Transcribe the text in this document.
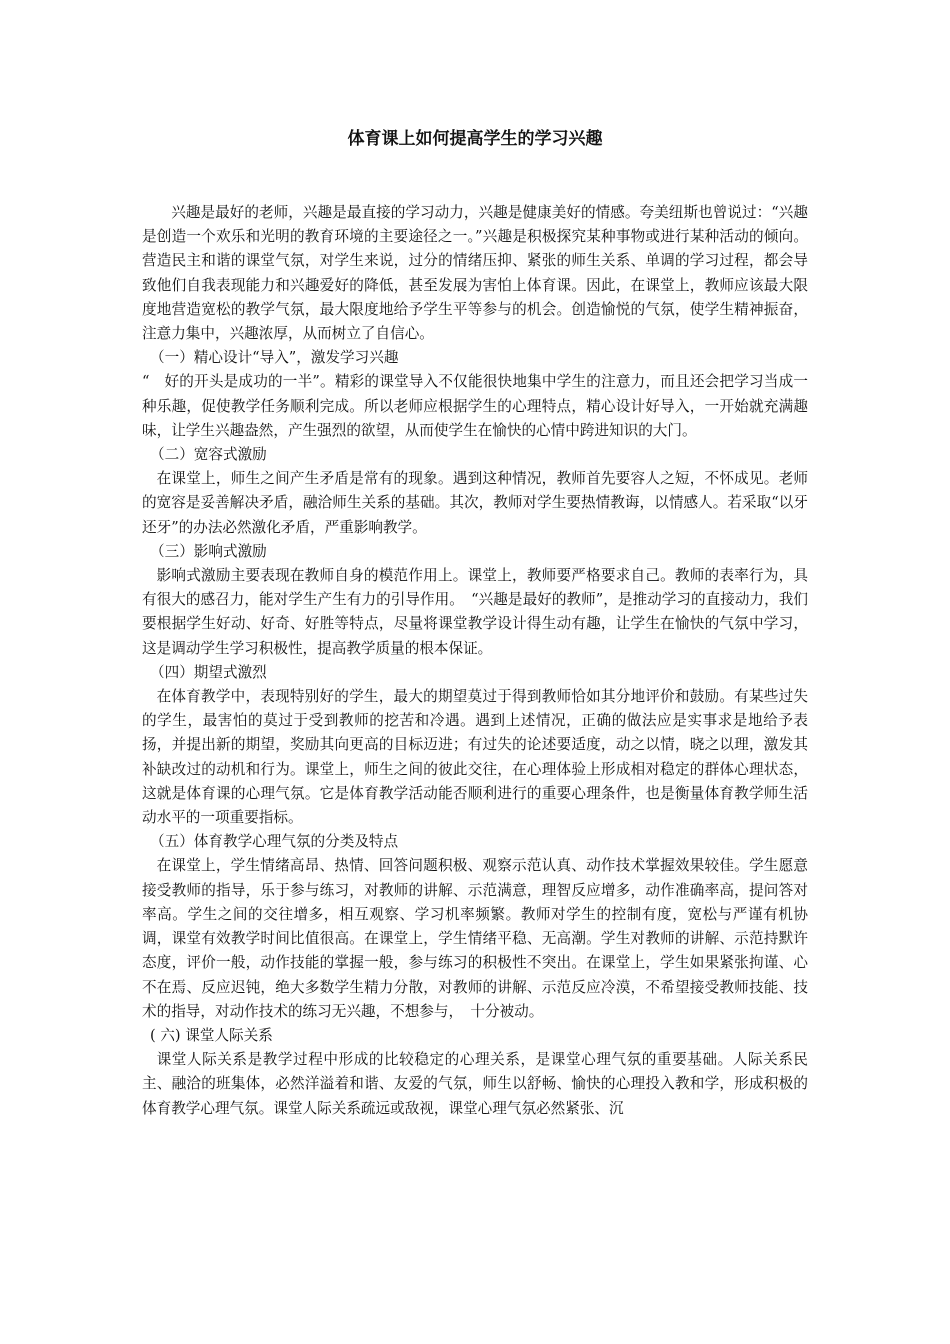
体育课上如何提高学生的学习兴趣

兴趣是最好的老师，兴趣是最直接的学习动力，兴趣是健康美好的情感。夸美纽斯也曾说过：“兴趣是创造一个欢乐和光明的教育环境的主要途径之一。”兴趣是积极探究某种事物或进行某种活动的倾向。营造民主和谐的课堂气氛，对学生来说，过分的情绪压抑、紧张的师生关系、单调的学习过程，都会导致他们自我表现能力和兴趣爱好的降低，甚至发展为害怕上体育课。因此，在课堂上，教师应该最大限度地营造宽松的教学气氛，最大限度地给予学生平等参与的机会。创造愉悦的气氛，使学生精神振奋，注意力集中，兴趣浓厚，从而树立了自信心。

（一）精心设计“导入”，激发学习兴趣

“　好的开头是成功的一半”。精彩的课堂导入不仅能很快地集中学生的注意力，而且还会把学习当成一种乐趣，促使教学任务顺利完成。所以老师应根据学生的心理特点，精心设计好导入，一开始就充满趣味，让学生兴趣盎然，产生强烈的欲望，从而使学生在愉快的心情中跨进知识的大门。

（二）宽容式激励

在课堂上，师生之间产生矛盾是常有的现象。遇到这种情况，教师首先要容人之短，不怀成见。老师的宽容是妥善解决矛盾，融洽师生关系的基础。其次，教师对学生要热情教诲，以情感人。若采取“以牙还牙”的办法必然激化矛盾，严重影响教学。

（三）影响式激励

影响式激励主要表现在教师自身的模范作用上。课堂上，教师要严格要求自己。教师的表率行为，具有很大的感召力，能对学生产生有力的引导作用。　“兴趣是最好的教师”，是推动学习的直接动力，我们要根据学生好动、好奇、好胜等特点，尽量将课堂教学设计得生动有趣，让学生在愉快的气氛中学习，这是调动学生学习积极性，提高教学质量的根本保证。

（四）期望式激烈

在体育教学中，表现特别好的学生，最大的期望莫过于得到教师恰如其分地评价和鼓励。有某些过失的学生，最害怕的莫过于受到教师的挖苦和冷遇。遇到上述情况，正确的做法应是实事求是地给予表扬，并提出新的期望，奖励其向更高的目标迈进；有过失的论述要适度，动之以情，晓之以理，激发其补缺改过的动机和行为。课堂上，师生之间的彼此交往，在心理体验上形成相对稳定的群体心理状态，这就是体育课的心理气氛。它是体育教学活动能否顺利进行的重要心理条件，也是衡量体育教学师生活动水平的一项重要指标。

（五）体育教学心理气氛的分类及特点

在课堂上，学生情绪高昂、热情、回答问题积极、观察示范认真、动作技术掌握效果较佳。学生愿意接受教师的指导，乐于参与练习，对教师的讲解、示范满意，理智反应增多，动作准确率高，提问答对率高。学生之间的交往增多，相互观察、学习机率频繁。教师对学生的控制有度，宽松与严谨有机协调，课堂有效教学时间比值很高。在课堂上，学生情绪平稳、无高潮。学生对教师的讲解、示范持默许态度，评价一般，动作技能的掌握一般，参与练习的积极性不突出。在课堂上，学生如果紧张拘谨、心不在焉、反应迟钝，绝大多数学生精力分散，对教师的讲解、示范反应冷漠，不希望接受教师技能、技术的指导，对动作技术的练习无兴趣，不想参与，　十分被动。

( 六) 课堂人际关系

课堂人际关系是教学过程中形成的比较稳定的心理关系，是课堂心理气氛的重要基础。人际关系民主、融洽的班集体，必然洋溢着和谐、友爱的气氛，师生以舒畅、愉快的心理投入教和学，形成积极的体育教学心理气氛。课堂人际关系疏远或敌视，课堂心理气氛必然紧张、沉
